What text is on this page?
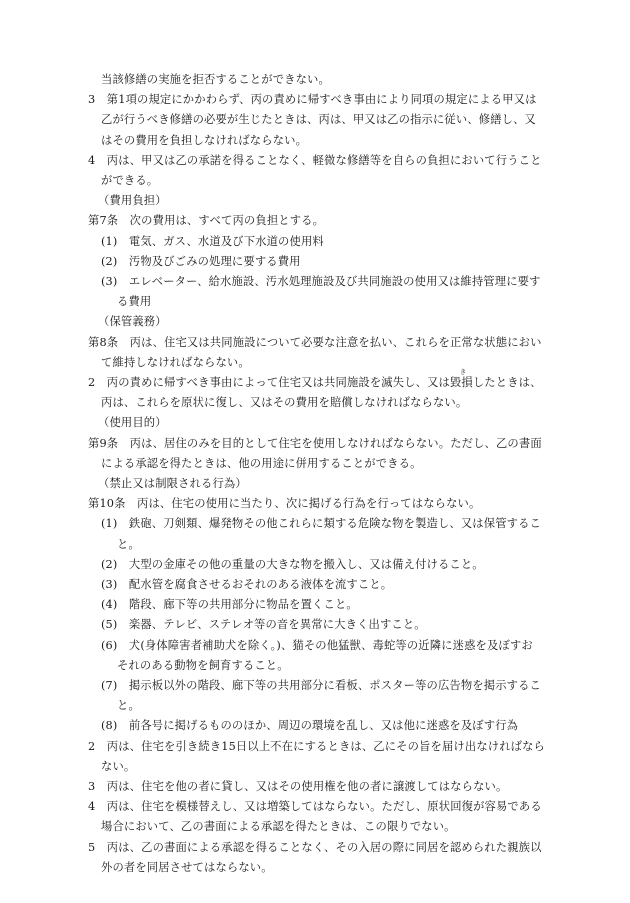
当該修繕の実施を拒否することができない。
3　第1項の規定にかかわらず、丙の責めに帰すべき事由により同項の規定による甲又は
乙が行うべき修繕の必要が生じたときは、丙は、甲又は乙の指示に従い、修繕し、又
はその費用を負担しなければならない。
4　丙は、甲又は乙の承諾を得ることなく、軽微な修繕等を自らの負担において行うこと
ができる。
（費用負担）
第7条　次の費用は、すべて丙の負担とする。
(1)　電気、ガス、水道及び下水道の使用料
(2)　汚物及びごみの処理に要する費用
(3)　エレベーター、給水施設、汚水処理施設及び共同施設の使用又は維持管理に要す
る費用
（保管義務）
第8条　丙は、住宅又は共同施設について必要な注意を払い、これらを正常な状態におい
て維持しなければならない。
2　丙の責めに帰すべき事由によって住宅又は共同施設を滅失し、又は毀損したときは、
き
丙は、これらを原状に復し、又はその費用を賠償しなければならない。
（使用目的）
第9条　丙は、居住のみを目的として住宅を使用しなければならない。ただし、乙の書面
による承認を得たときは、他の用途に併用することができる。
（禁止又は制限される行為）
第10条　丙は、住宅の使用に当たり、次に掲げる行為を行ってはならない。
(1)　鉄砲、刀剣類、爆発物その他これらに類する危険な物を製造し、又は保管するこ
と。
(2)　大型の金庫その他の重量の大きな物を搬入し、又は備え付けること。
(3)　配水管を腐食させるおそれのある液体を流すこと。
(4)　階段、廊下等の共用部分に物品を置くこと。
(5)　楽器、テレビ、ステレオ等の音を異常に大きく出すこと。
(6)　犬(身体障害者補助犬を除く。)、猫その他猛獣、毒蛇等の近隣に迷惑を及ぼすお
それのある動物を飼育すること。
(7)　掲示板以外の階段、廊下等の共用部分に看板、ポスター等の広告物を掲示するこ
と。
(8)　前各号に掲げるもののほか、周辺の環境を乱し、又は他に迷惑を及ぼす行為
2　丙は、住宅を引き続き15日以上不在にするときは、乙にその旨を届け出なければなら
ない。
3　丙は、住宅を他の者に貸し、又はその使用権を他の者に譲渡してはならない。
4　丙は、住宅を模様替えし、又は増築してはならない。ただし、原状回復が容易である
場合において、乙の書面による承認を得たときは、この限りでない。
5　丙は、乙の書面による承認を得ることなく、その入居の際に同居を認められた親族以
外の者を同居させてはならない。
